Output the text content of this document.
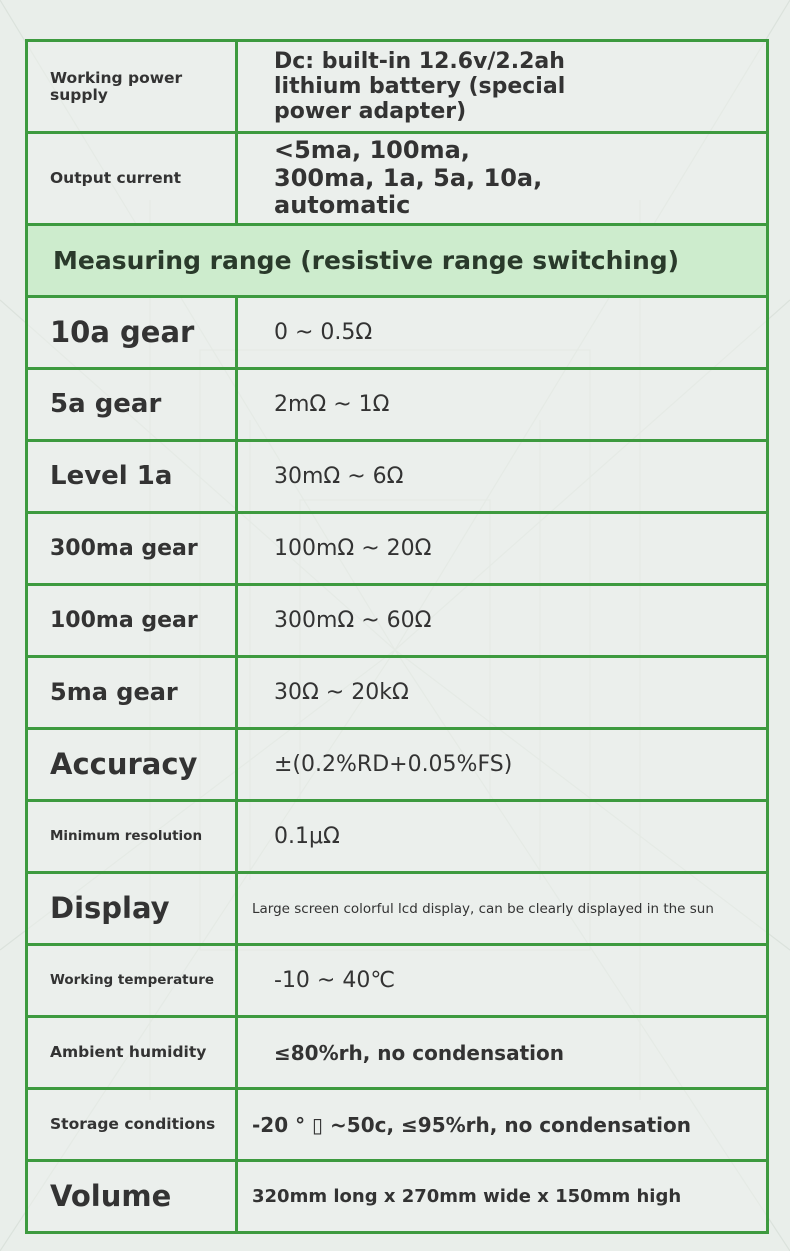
Working power supply	Dc: built-in 12.6v/2.2ah lithium battery (special power adapter)
Output current	<5ma, 100ma, 300ma, 1a, 5a, 10a, automatic
Measuring range (resistive range switching)	
10a gear	0 ~ 0.5Ω
5a gear	2mΩ ~ 1Ω
Level 1a	30mΩ ~ 6Ω
300ma gear	100mΩ ~ 20Ω
100ma gear	300mΩ ~ 60Ω
5ma gear	30Ω ~ 20kΩ
Accuracy	±(0.2%RD+0.05%FS)
Minimum resolution	0.1μΩ
Display	Large screen colorful lcd display, can be clearly displayed in the sun
Working temperature	-10 ~ 40℃
Ambient humidity	≤80%rh, no condensation
Storage conditions	-20 ° ▯ ~50c, ≤95%rh, no condensation
Volume	320mm long x 270mm wide x 150mm high
